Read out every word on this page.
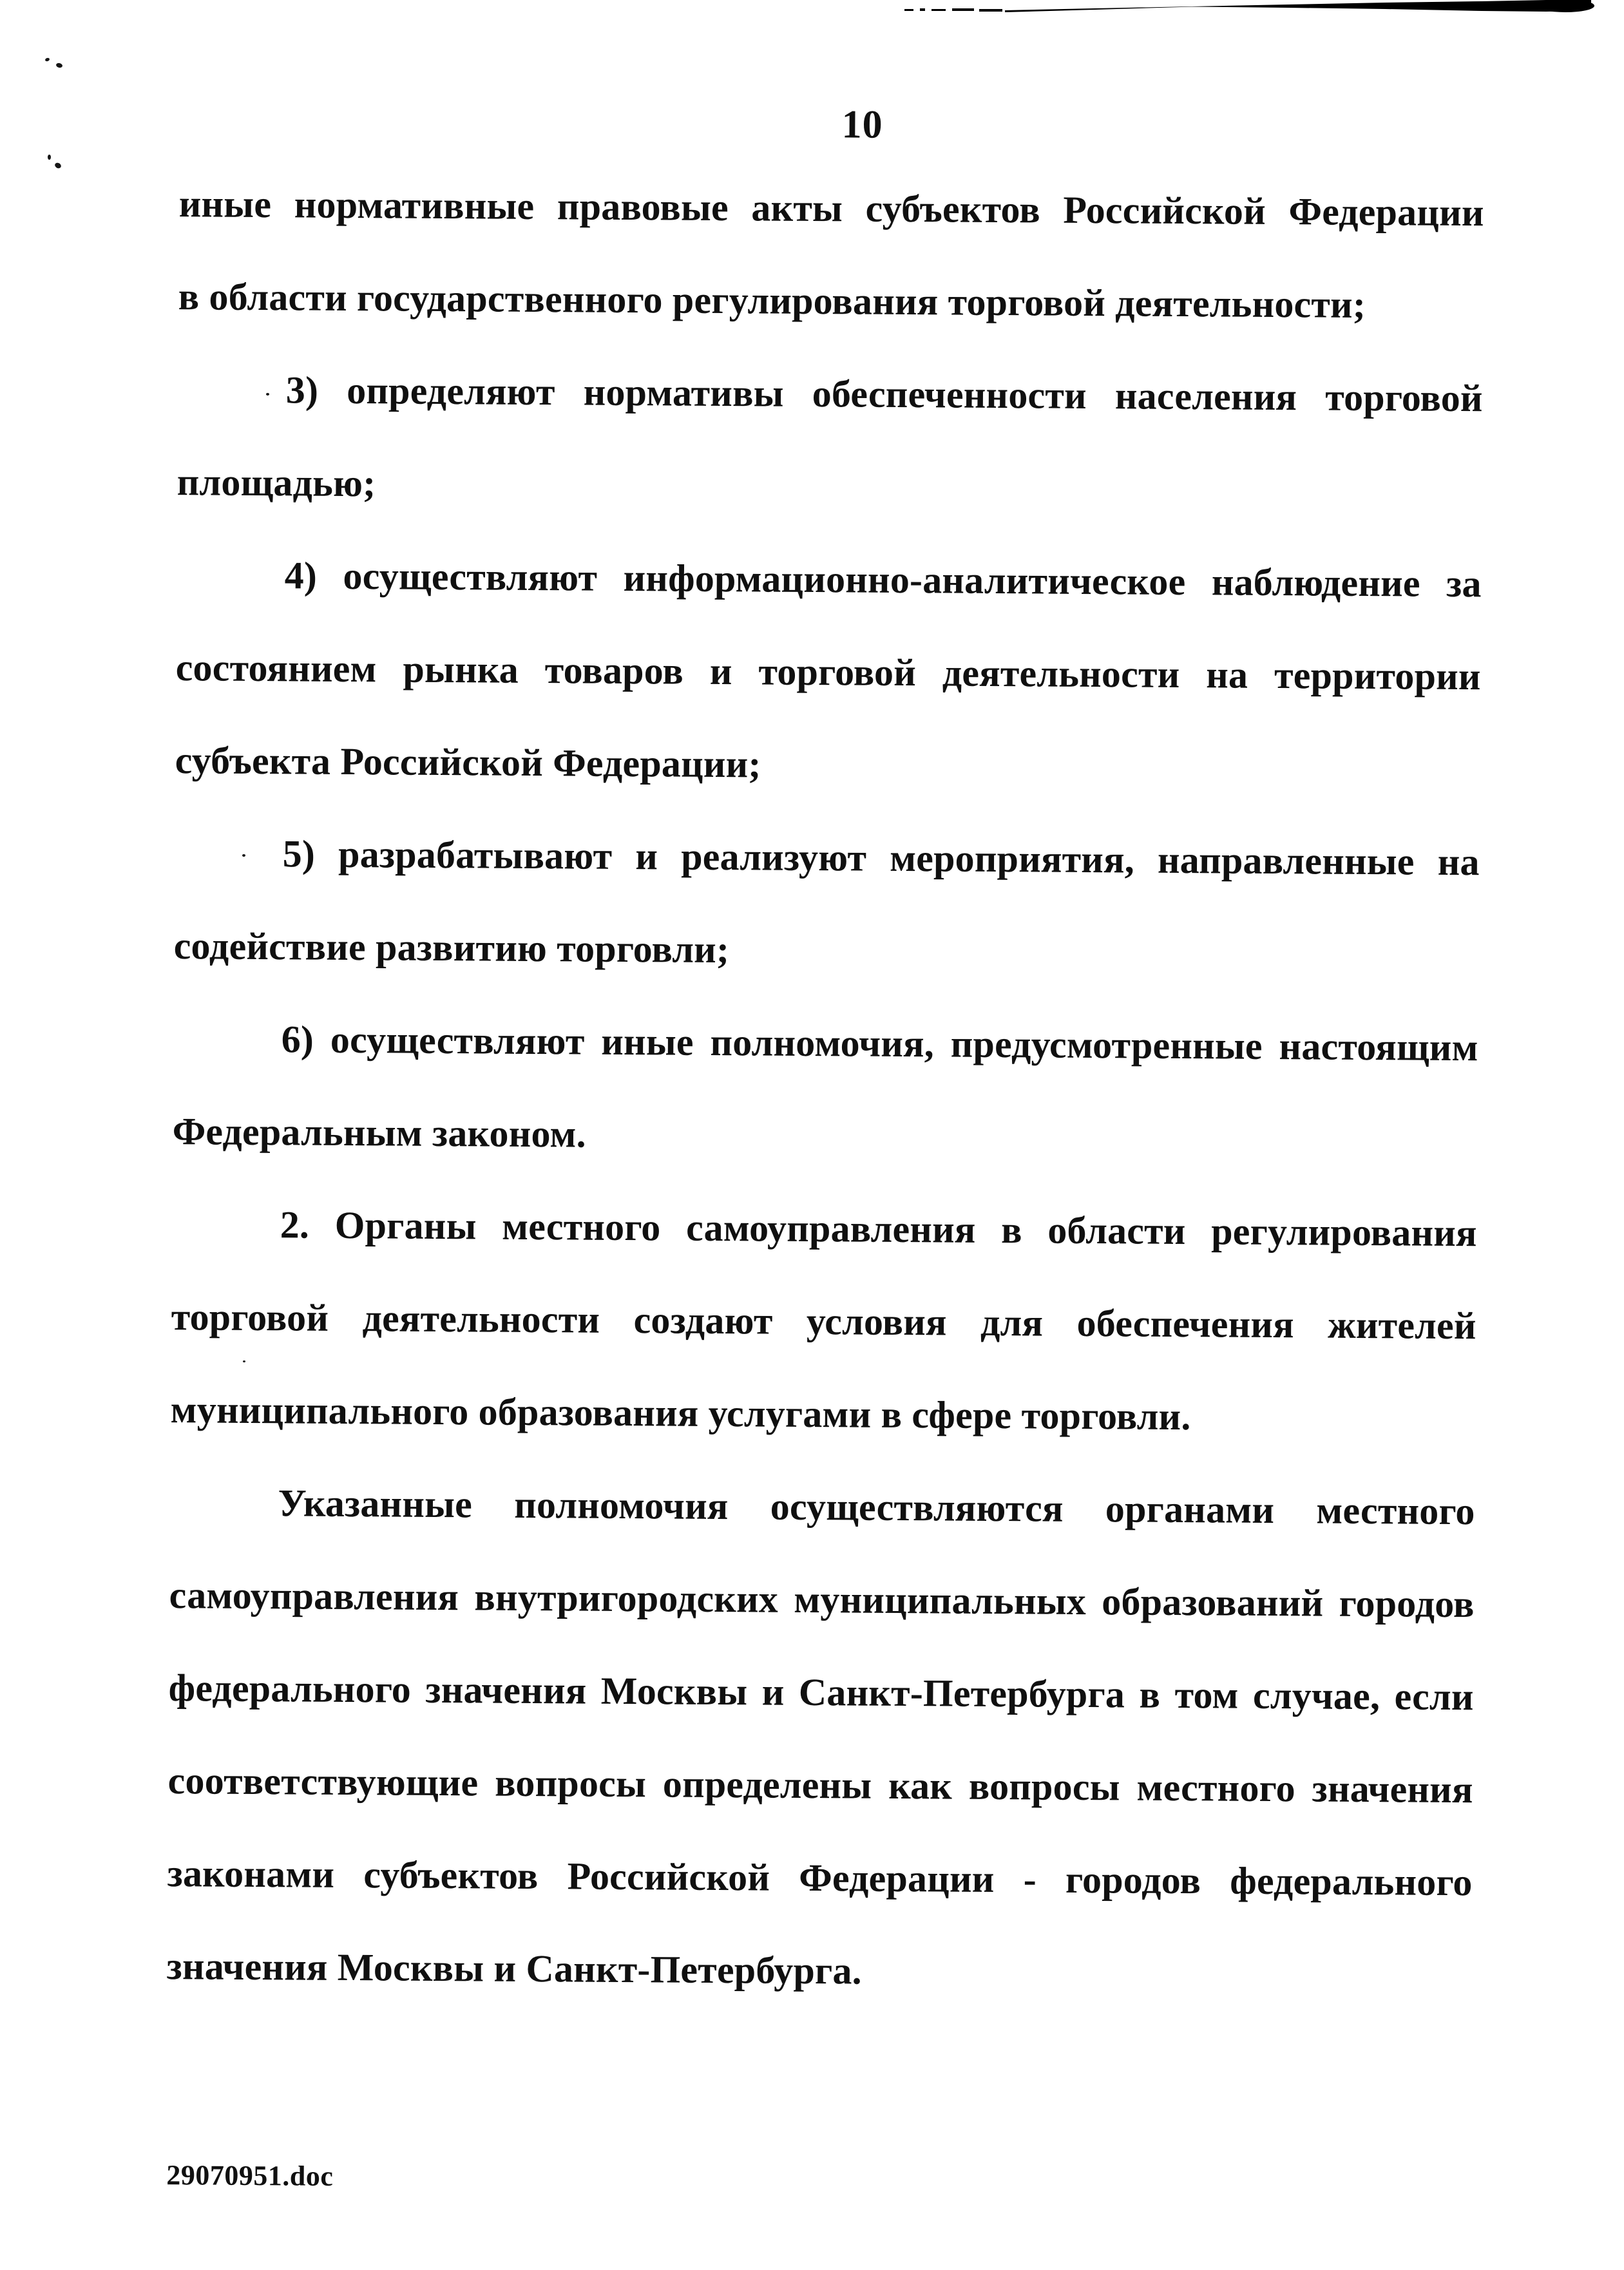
10
иные нормативные правовые акты субъектов Российской Федерации
в области государственного регулирования торговой деятельности;
3) определяют нормативы обеспеченности населения торговой
площадью;
4) осуществляют информационно-аналитическое наблюдение за
состоянием рынка товаров и торговой деятельности на территории
субъекта Российской Федерации;
5) разрабатывают и реализуют мероприятия, направленные на
содействие развитию торговли;
6) осуществляют иные полномочия, предусмотренные настоящим
Федеральным законом.
2. Органы местного самоуправления в области регулирования
торговой деятельности создают условия для обеспечения жителей
муниципального образования услугами в сфере торговли.
Указанные полномочия осуществляются органами местного
самоуправления внутригородских муниципальных образований городов
федерального значения Москвы и Санкт-Петербурга в том случае, если
соответствующие вопросы определены как вопросы местного значения
законами субъектов Российской Федерации - городов федерального
значения Москвы и Санкт-Петербурга.
29070951.doc
